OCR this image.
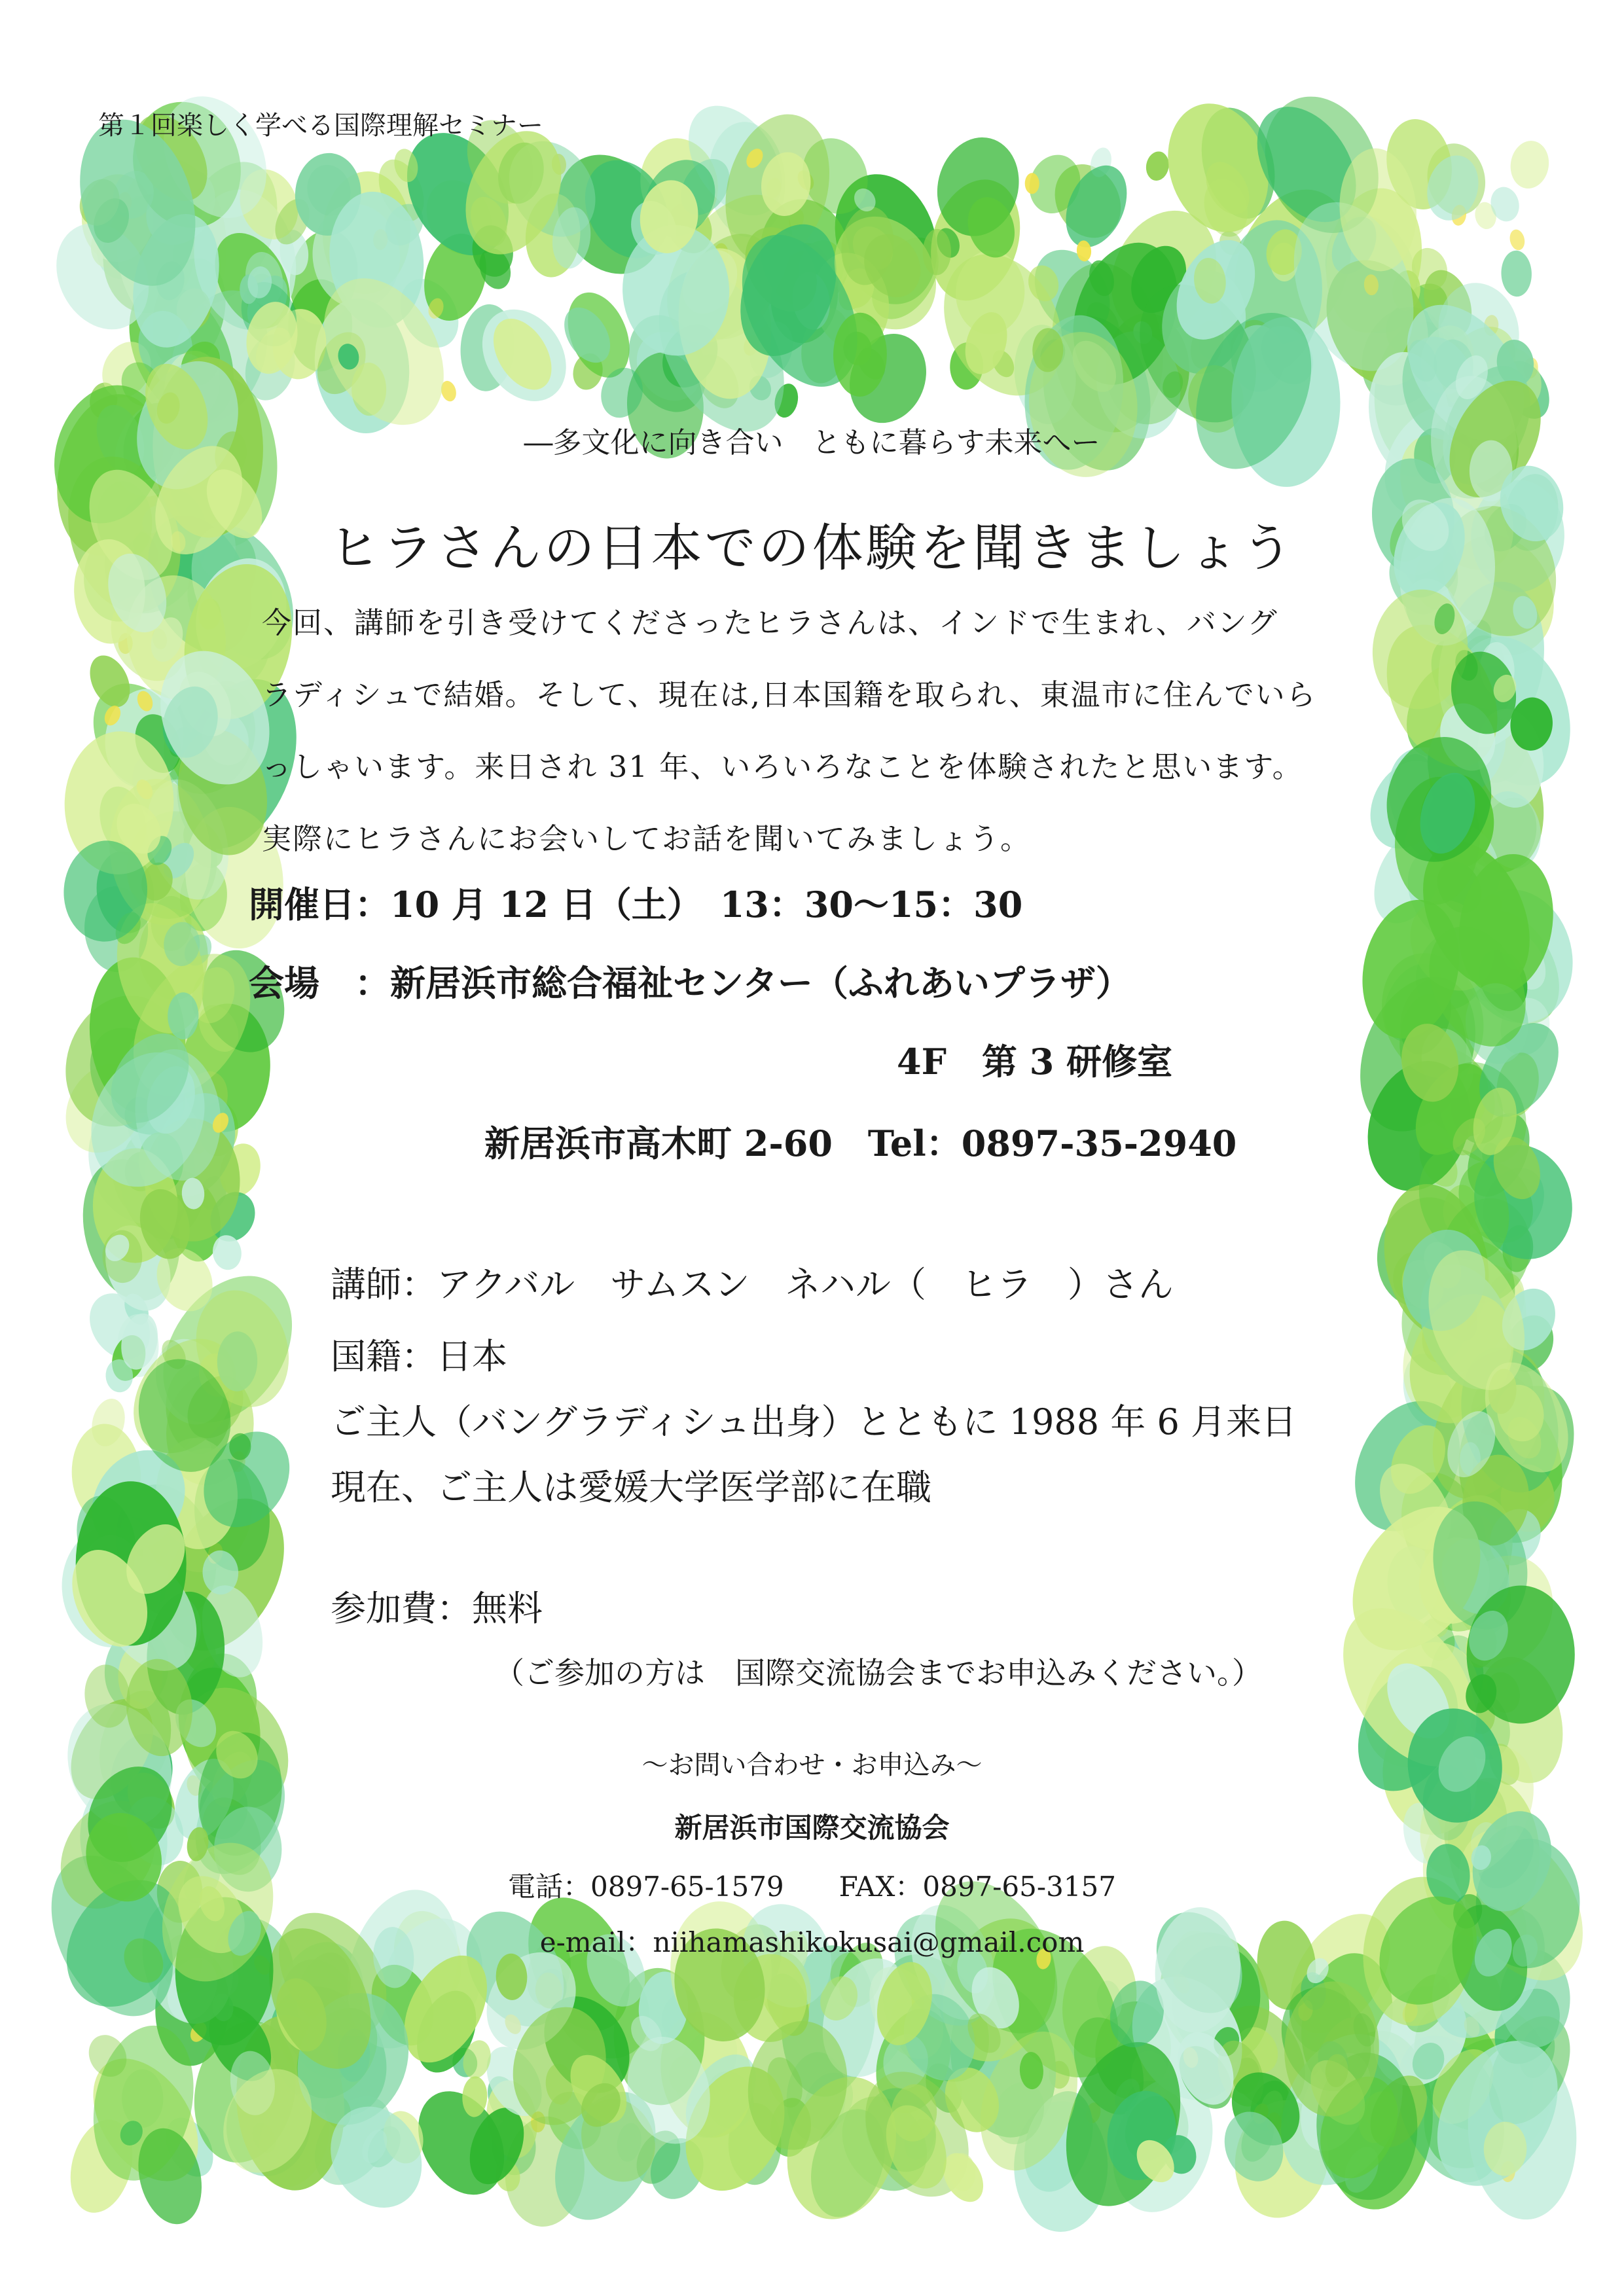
第１回楽しく学べる国際理解セミナー
―多文化に向き合い　ともに暮らす未来へー
ヒラさんの日本での体験を聞きましょう
今回、講師を引き受けてくださったヒラさんは、インドで生まれ、バング
ラディシュで結婚。そして、現在は,日本国籍を取られ、東温市に住んでいら
っしゃいます。来日され 31 年、いろいろなことを体験されたと思います。
実際にヒラさんにお会いしてお話を聞いてみましょう。
開催日：10 月 12 日（土）　13：30〜15：30
会場　：新居浜市総合福祉センター（ふれあいプラザ）
4F　第 3 研修室
新居浜市高木町 2-60　Tel：0897-35-2940
講師：アクバル　サムスン　ネハル（　ヒラ　）さん
国籍：日本
ご主人（バングラディシュ出身）とともに 1988 年 6 月来日
現在、ご主人は愛媛大学医学部に在職
参加費：無料
（ご参加の方は　国際交流協会までお申込みください。）
〜お問い合わせ・お申込み〜
新居浜市国際交流協会
電話：0897-65-1579　　FAX：0897-65-3157
e-mail：niihamashikokusai@gmail.com
